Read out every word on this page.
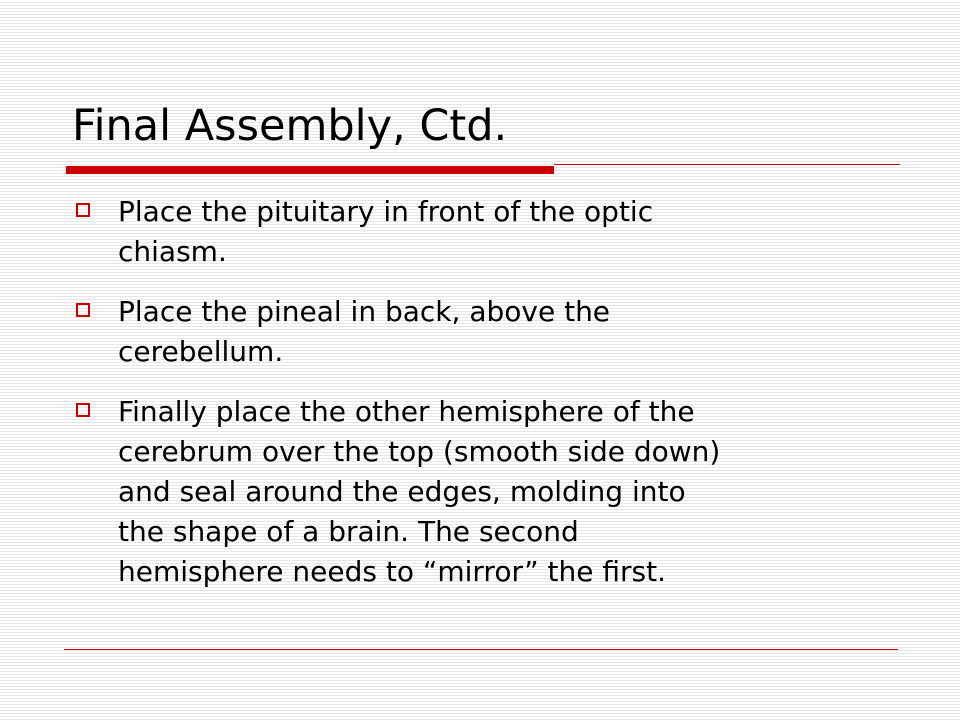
Final Assembly, Ctd.
Place the pituitary in front of the optic
chiasm.
Place the pineal in back, above the
cerebellum.
Finally place the other hemisphere of the
cerebrum over the top (smooth side down)
and seal around the edges, molding into
the shape of a brain. The second
hemisphere needs to “mirror” the first.
